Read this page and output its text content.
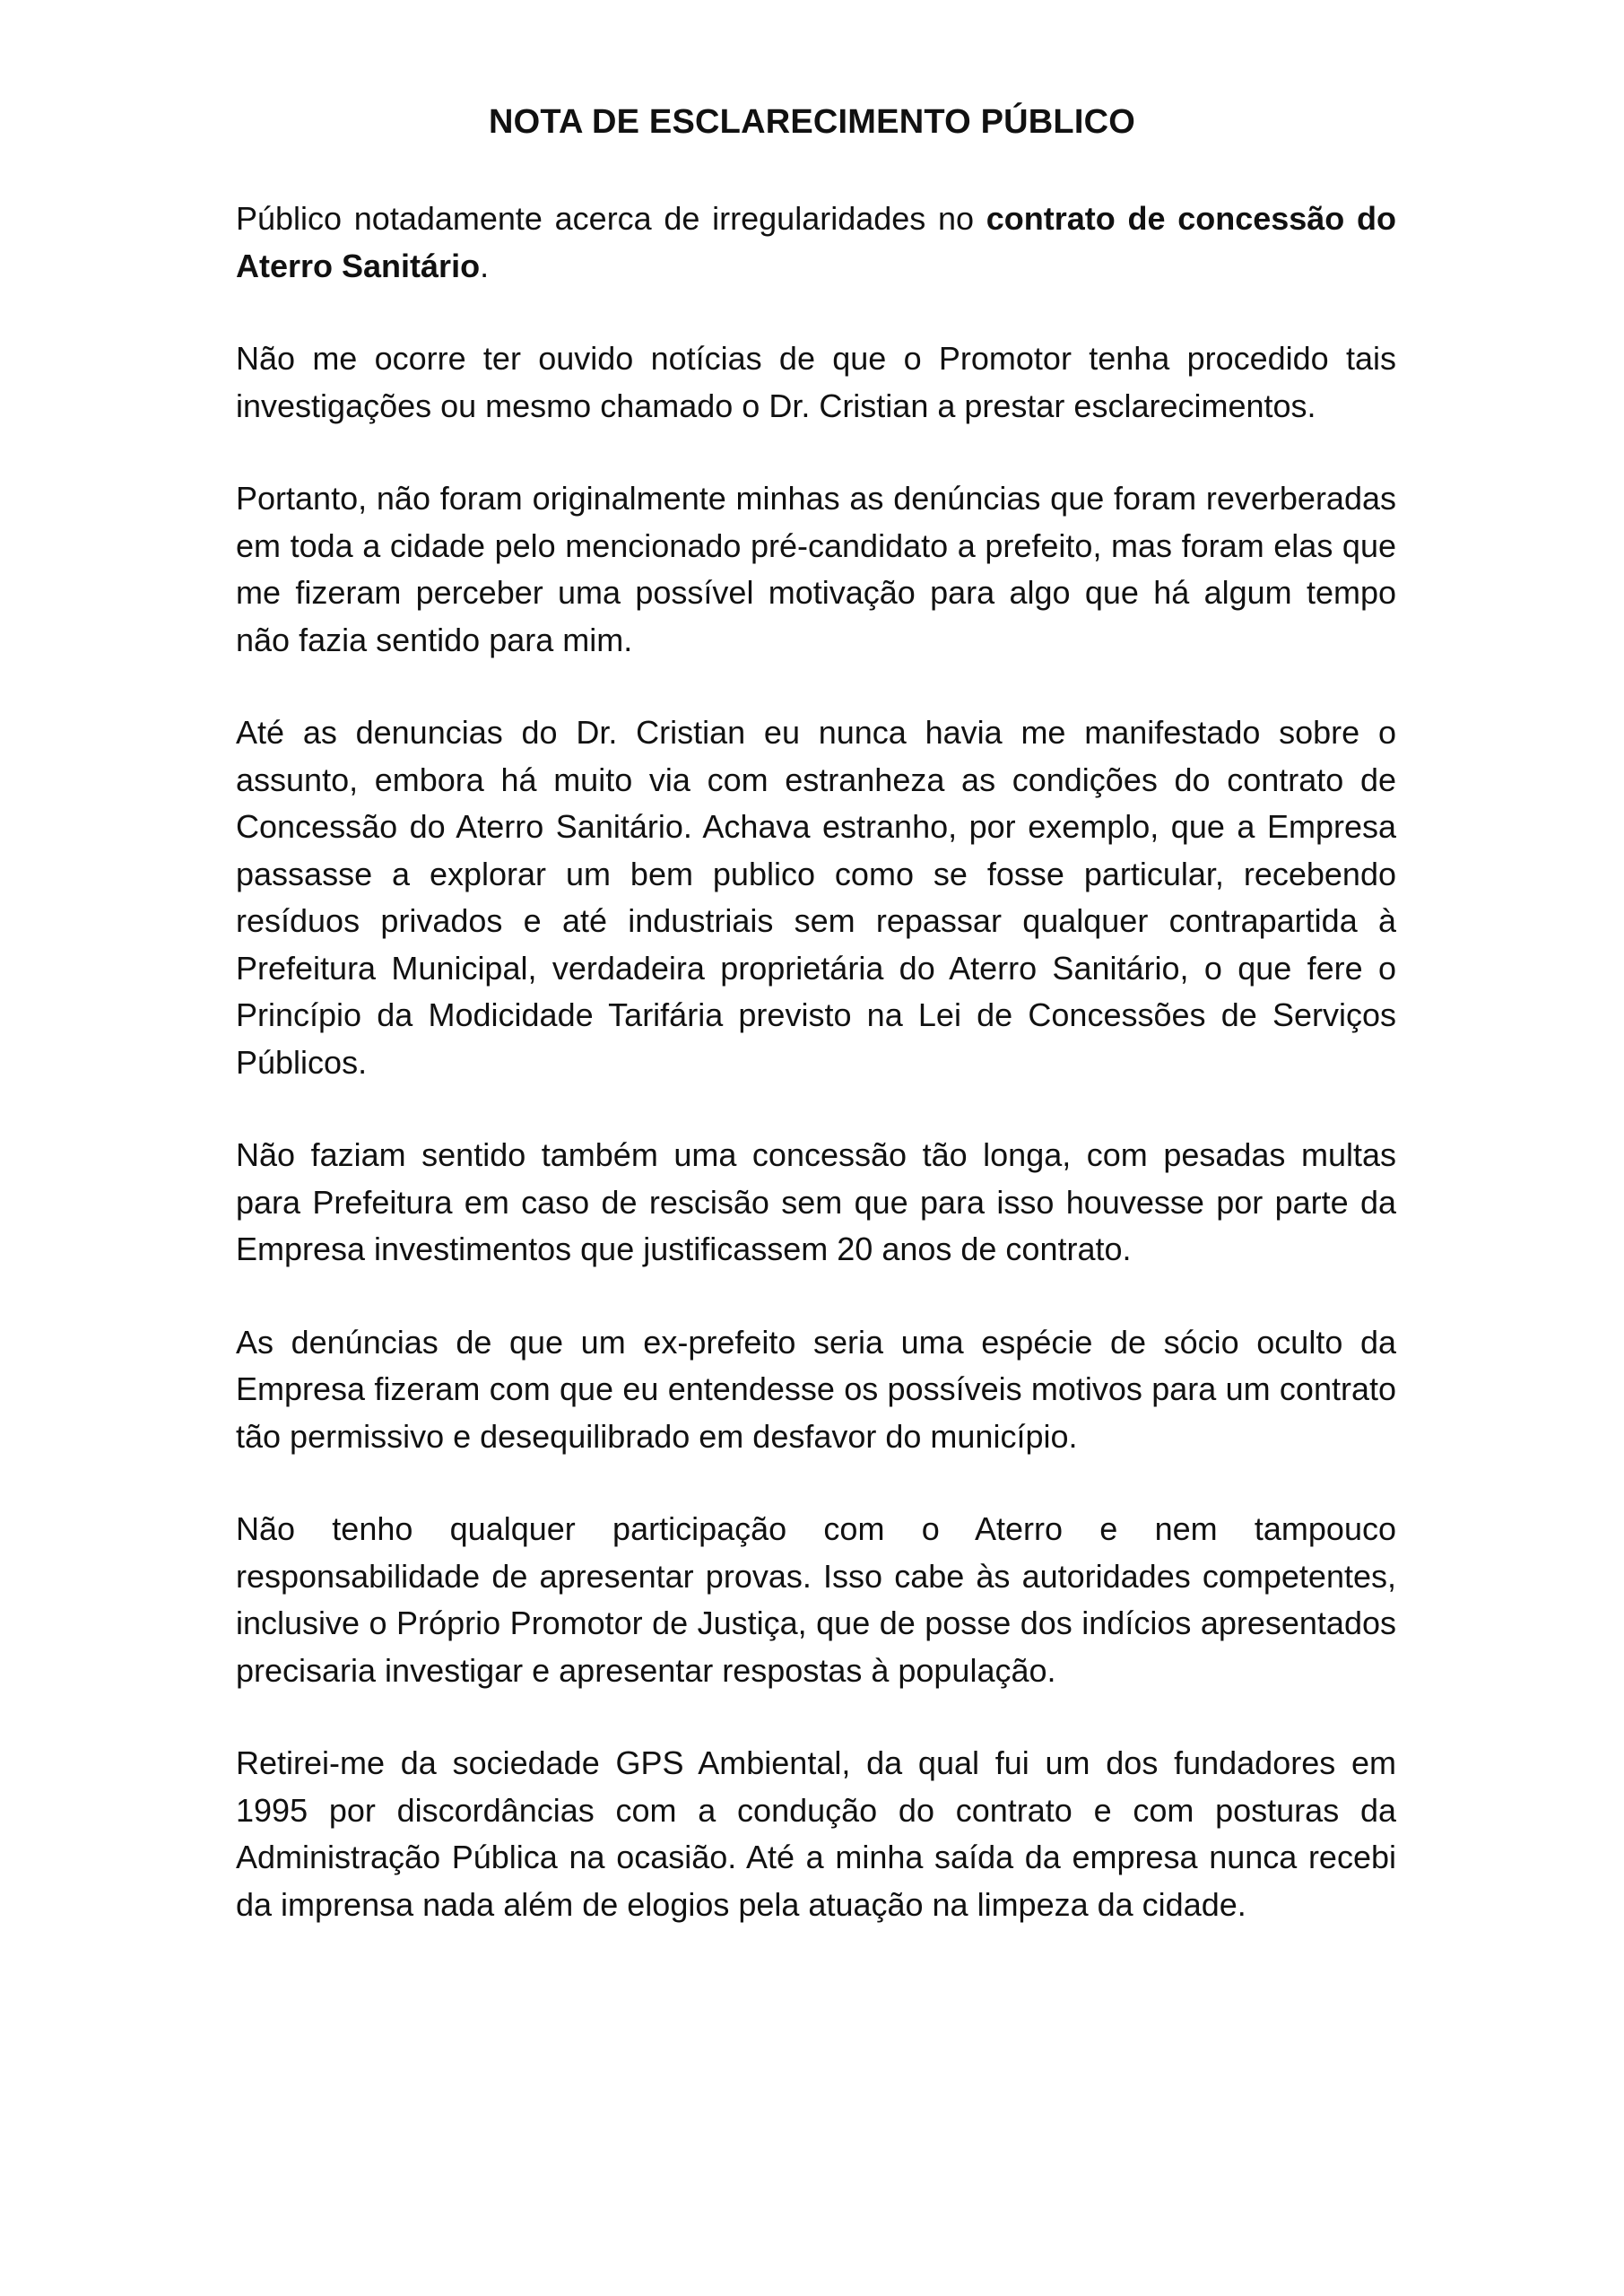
NOTA DE ESCLARECIMENTO PÚBLICO

Público notadamente acerca de irregularidades no contrato de concessão do Aterro Sanitário.

Não me ocorre ter ouvido notícias de que o Promotor tenha procedido tais investigações ou mesmo chamado o Dr. Cristian a prestar esclarecimentos.

Portanto, não foram originalmente minhas as denúncias que foram reverberadas em toda a cidade pelo mencionado pré-candidato a prefeito, mas foram elas que me fizeram perceber uma possível motivação para algo que há algum tempo não fazia sentido para mim.

Até as denuncias do Dr. Cristian eu nunca havia me manifestado sobre o assunto, embora há muito via com estranheza as condições do contrato de Concessão do Aterro Sanitário. Achava estranho, por exemplo, que a Empresa passasse a explorar um bem publico como se fosse particular, recebendo resíduos privados e até industriais sem repassar qualquer contrapartida à Prefeitura Municipal, verdadeira proprietária do Aterro Sanitário, o que fere o Princípio da Modicidade Tarifária previsto na Lei de Concessões de Serviços Públicos.

Não faziam sentido também uma concessão tão longa, com pesadas multas para Prefeitura em caso de rescisão sem que para isso houvesse por parte da Empresa investimentos que justificassem 20 anos de contrato.

As denúncias de que um ex-prefeito seria uma espécie de sócio oculto da Empresa fizeram com que eu entendesse os possíveis motivos para um contrato tão permissivo e desequilibrado em desfavor do município.

Não tenho qualquer participação com o Aterro e nem tampouco responsabilidade de apresentar provas. Isso cabe às autoridades competentes, inclusive o Próprio Promotor de Justiça, que de posse dos indícios apresentados precisaria investigar e apresentar respostas à população.

Retirei-me da sociedade GPS Ambiental, da qual fui um dos fundadores em 1995 por discordâncias com a condução do contrato e com posturas da Administração Pública na ocasião. Até a minha saída da empresa nunca recebi da imprensa nada além de elogios pela atuação na limpeza da cidade.
